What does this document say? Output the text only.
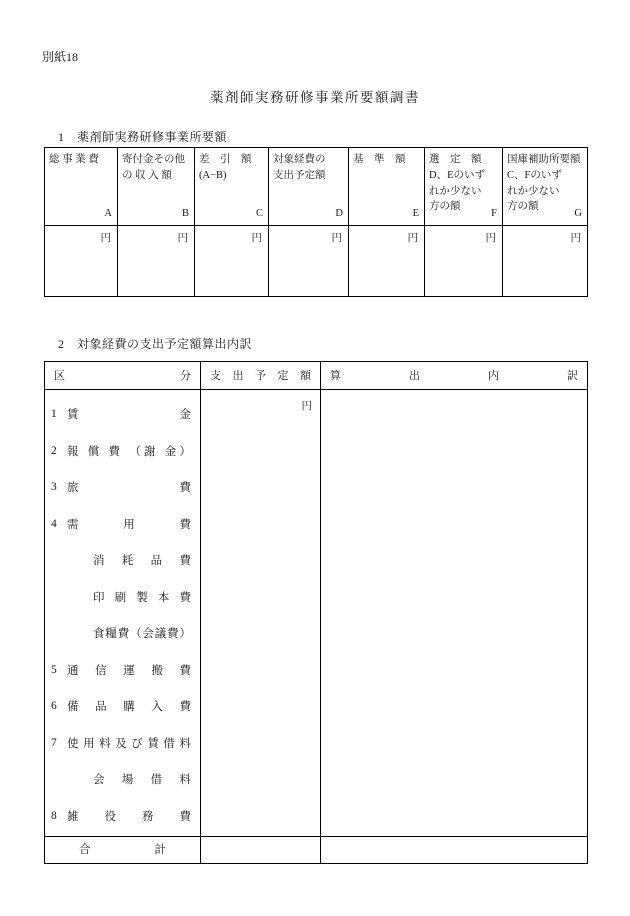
別紙18
薬剤師実務研修事業所要額調書
1　薬剤師実務研修事業所要額
総 事 業 費
A
円
寄付金その他
の 収 入 額
B
円
差　引　額
(A−B)
C
円
対象経費の
支出予定額
D
円
基　準　額
E
円
選　定　額
D、Eのいず
れか少ない
方の額
F
円
国庫補助所要額
C、Fのいず
れか少ない
方の額
G
円
2　対象経費の支出予定額算出内訳
区 分	支 出 予 定 額	算 出 内 訳
1 賃 金
2 報 償 費 （謝 金）
3 旅 費
4 需 用 費
消 耗 品 費
印 刷 製 本 費
食糧費（会議費）
5 通 信 運 搬 費
6 備 品 購 入 費
7 使用料及び賃借料
会 場 借 料
8 雑 役 務 費
円
合 計
